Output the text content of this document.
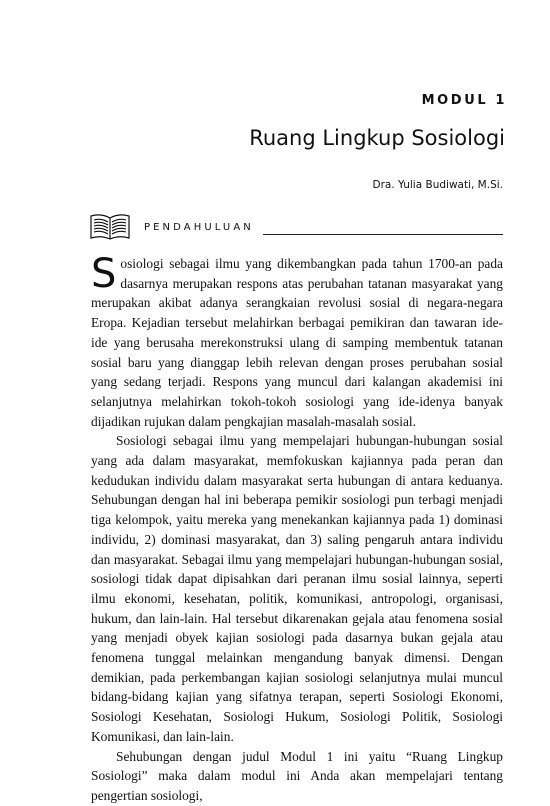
MODUL 1
Ruang Lingkup Sosiologi
Dra. Yulia Budiwati, M.Si.
PENDAHULUAN

Sosiologi sebagai ilmu yang dikembangkan pada tahun 1700-an pada dasarnya merupakan respons atas perubahan tatanan masyarakat yang merupakan akibat adanya serangkaian revolusi sosial di negara-negara Eropa. Kejadian tersebut melahirkan berbagai pemikiran dan tawaran ide-ide yang berusaha merekonstruksi ulang di samping membentuk tatanan sosial baru yang dianggap lebih relevan dengan proses perubahan sosial yang sedang terjadi. Respons yang muncul dari kalangan akademisi ini selanjutnya melahirkan tokoh-tokoh sosiologi yang ide-idenya banyak dijadikan rujukan dalam pengkajian masalah-masalah sosial.

Sosiologi sebagai ilmu yang mempelajari hubungan-hubungan sosial yang ada dalam masyarakat, memfokuskan kajiannya pada peran dan kedudukan individu dalam masyarakat serta hubungan di antara keduanya. Sehubungan dengan hal ini beberapa pemikir sosiologi pun terbagi menjadi tiga kelompok, yaitu mereka yang menekankan kajiannya pada 1) dominasi individu, 2) dominasi masyarakat, dan 3) saling pengaruh antara individu dan masyarakat. Sebagai ilmu yang mempelajari hubungan-hubungan sosial, sosiologi tidak dapat dipisahkan dari peranan ilmu sosial lainnya, seperti ilmu ekonomi, kesehatan, politik, komunikasi, antropologi, organisasi, hukum, dan lain-lain. Hal tersebut dikarenakan gejala atau fenomena sosial yang menjadi obyek kajian sosiologi pada dasarnya bukan gejala atau fenomena tunggal melainkan mengandung banyak dimensi. Dengan demikian, pada perkembangan kajian sosiologi selanjutnya mulai muncul bidang-bidang kajian yang sifatnya terapan, seperti Sosiologi Ekonomi, Sosiologi Kesehatan, Sosiologi Hukum, Sosiologi Politik, Sosiologi Komunikasi, dan lain-lain.

Sehubungan dengan judul Modul 1 ini yaitu “Ruang Lingkup Sosiologi” maka dalam modul ini Anda akan mempelajari tentang pengertian sosiologi,
